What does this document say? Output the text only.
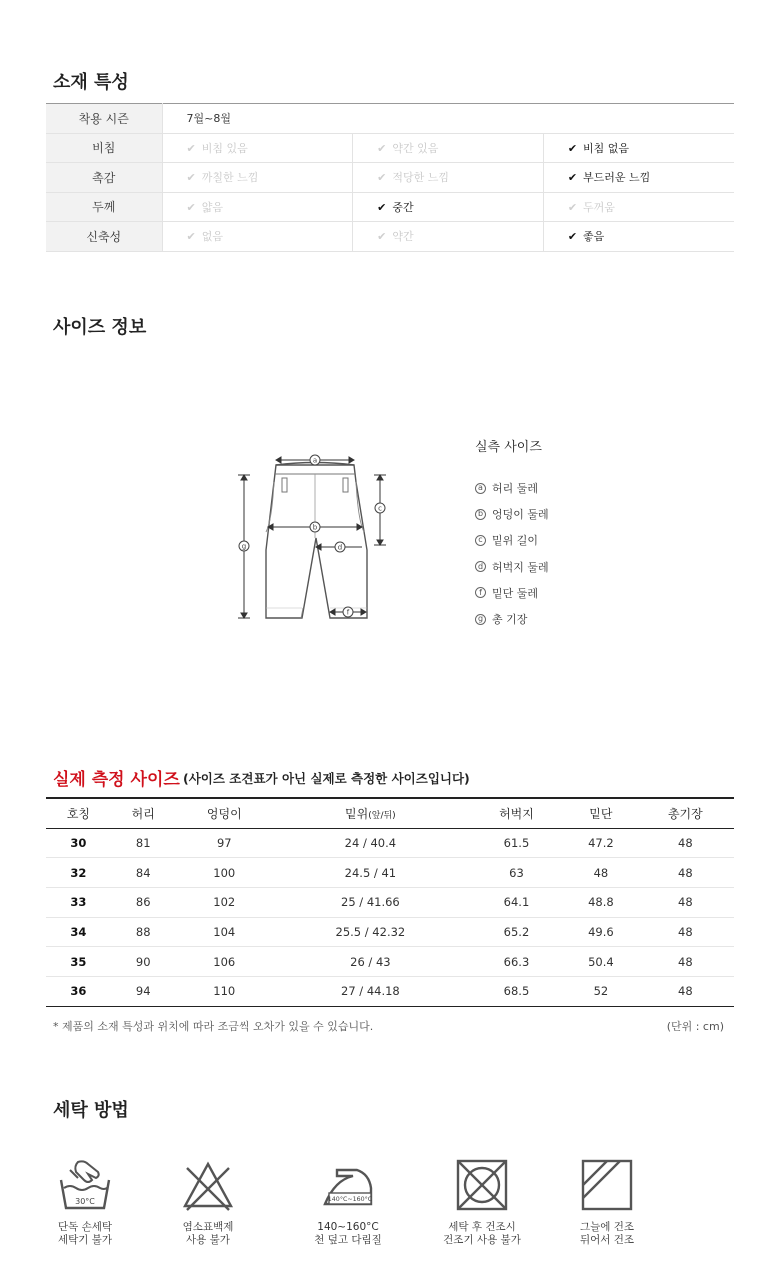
소재 특성
착용 시즌	7월~8월		
비침	✔ 비침 있음	✔ 약간 있음	✔ 비침 없음
촉감	✔ 까칠한 느낌	✔ 적당한 느낌	✔ 부드러운 느낌
두께	✔ 얇음	✔ 중간	✔ 두꺼움
신축성	✔ 없음	✔ 약간	✔ 좋음
사이즈 정보
a
b
c
d
f
g
실측 사이즈
a 허리 둘레
b 엉덩이 둘레
c 밑위 길이
d 허벅지 둘레
f 밑단 둘레
g 총 기장
실제 측정 사이즈 (사이즈 조견표가 아닌 실제로 측정한 사이즈입니다)
호칭	허리	엉덩이	밑위(앞/뒤)	허벅지	밑단	총기장
30	81	97	24 / 40.4	61.5	47.2	48
32	84	100	24.5 / 41	63	48	48
33	86	102	25 / 41.66	64.1	48.8	48
34	88	104	25.5 / 42.32	65.2	49.6	48
35	90	106	26 / 43	66.3	50.4	48
36	94	110	27 / 44.18	68.5	52	48
* 제품의 소재 특성과 위치에 따라 조금씩 오차가 있을 수 있습니다.	(단위 : cm)
세탁 방법
30°C
단독 손세탁
세탁기 불가
염소표백제
사용 불가
140°C~160°C
140~160°C
천 덮고 다림질
세탁 후 건조시
건조기 사용 불가
그늘에 건조
뒤어서 건조
